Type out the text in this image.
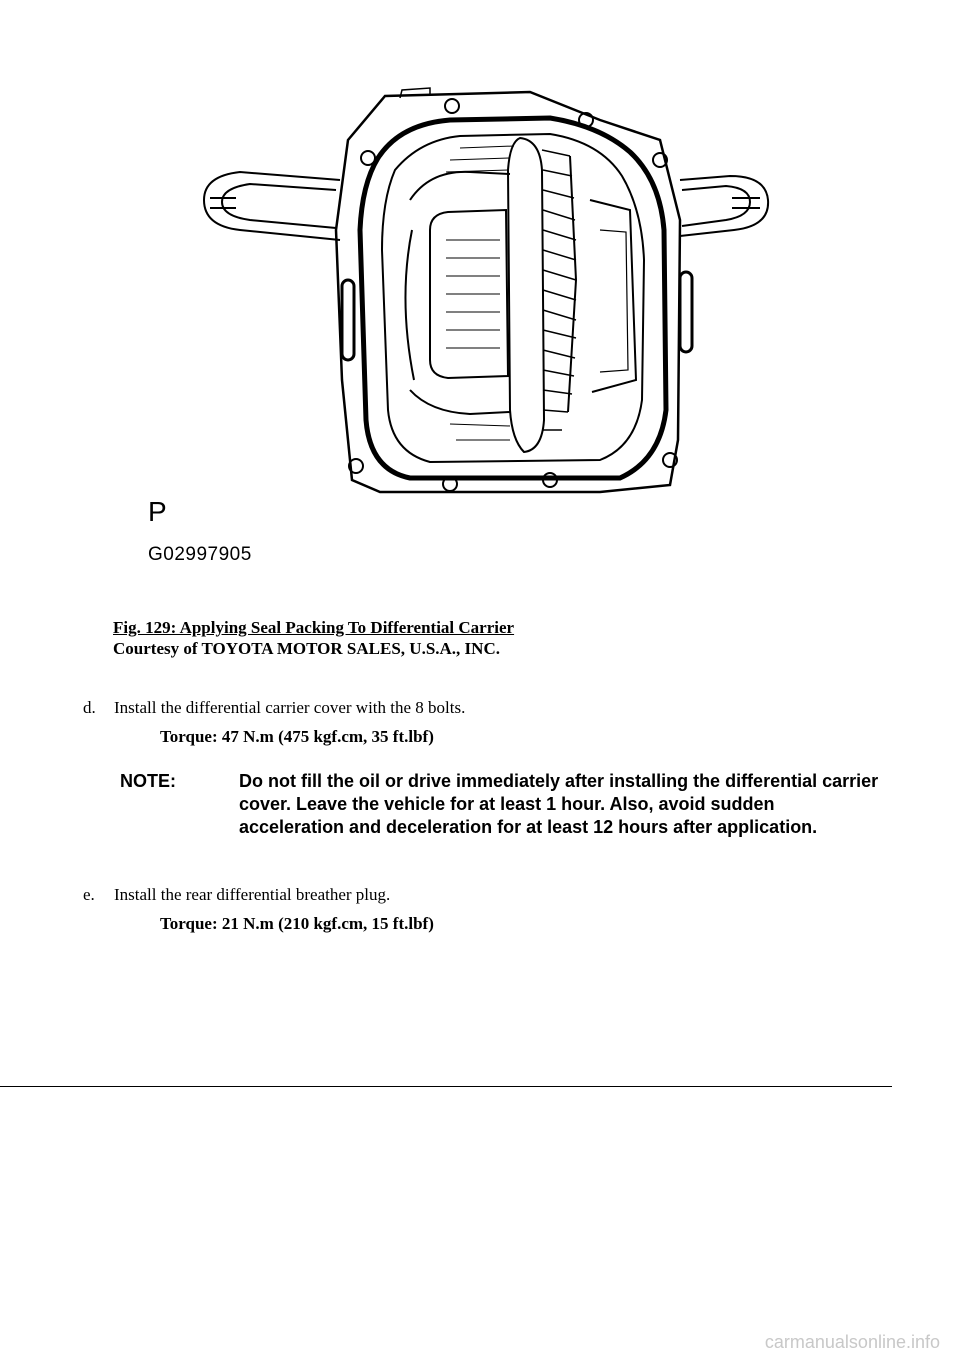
P
G02997905
Fig. 129: Applying Seal Packing To Differential Carrier
Courtesy of TOYOTA MOTOR SALES, U.S.A., INC.
d. Install the differential carrier cover with the 8 bolts.
Torque: 47 N.m (475 kgf.cm, 35 ft.lbf)
NOTE:	Do not fill the oil or drive immediately after installing the differential carrier cover. Leave the vehicle for at least 1 hour. Also, avoid sudden acceleration and deceleration for at least 12 hours after application.
e. Install the rear differential breather plug.
Torque: 21 N.m (210 kgf.cm, 15 ft.lbf)
carmanualsonline.info
